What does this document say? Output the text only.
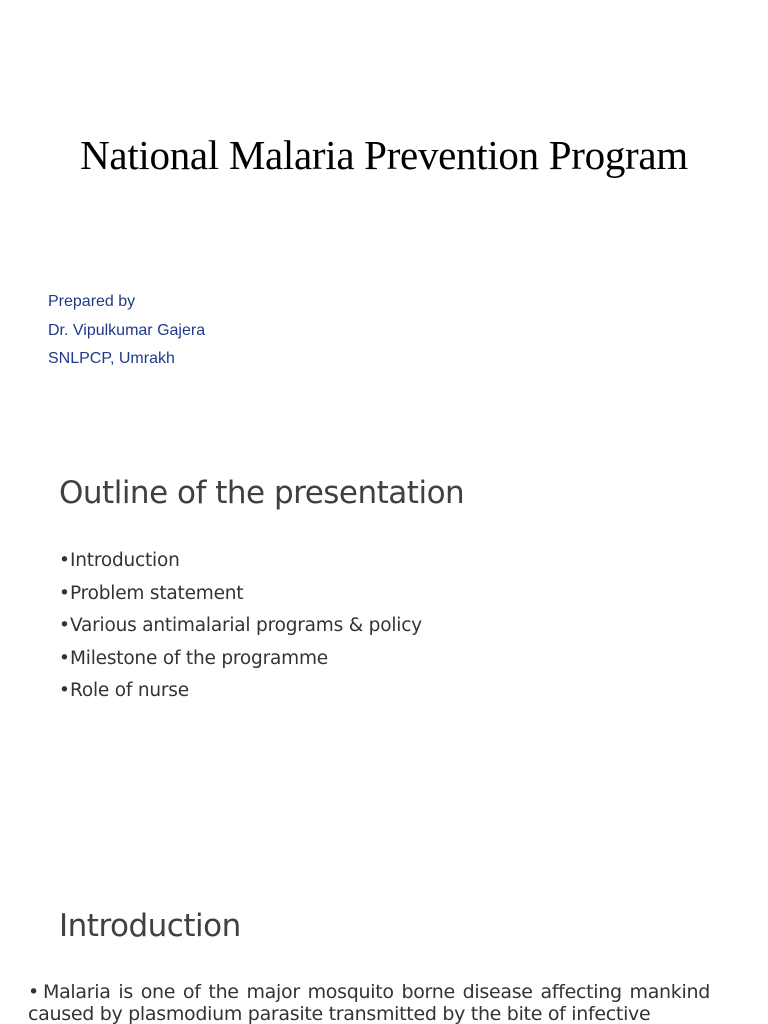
National Malaria Prevention Program
Prepared by
Dr. Vipulkumar Gajera
SNLPCP, Umrakh
Outline of the presentation
•Introduction
•Problem statement
•Various antimalarial programs & policy
•Milestone of the programme
•Role of nurse
Introduction

• Malaria is one of the major mosquito borne disease affecting mankind caused by plasmodium parasite transmitted by the bite of infective
